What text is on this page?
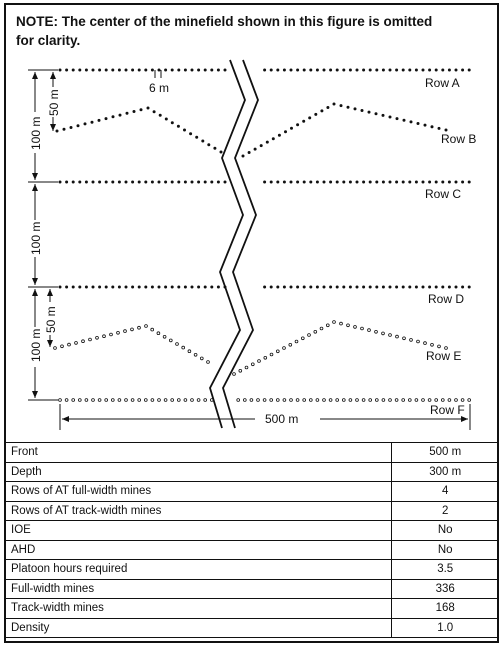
NOTE: The center of the minefield shown in this figure is omitted for clarity.
Row A
Row B
Row C
Row D
Row E
Row F
6 m
100 m
50 m
100 m
100 m
50 m
500 m
Front	500 m
Depth	300 m
Rows of AT full-width mines	4
Rows of AT track-width mines	2
IOE	No
AHD	No
Platoon hours required	3.5
Full-width mines	336
Track-width mines	168
Density	1.0
